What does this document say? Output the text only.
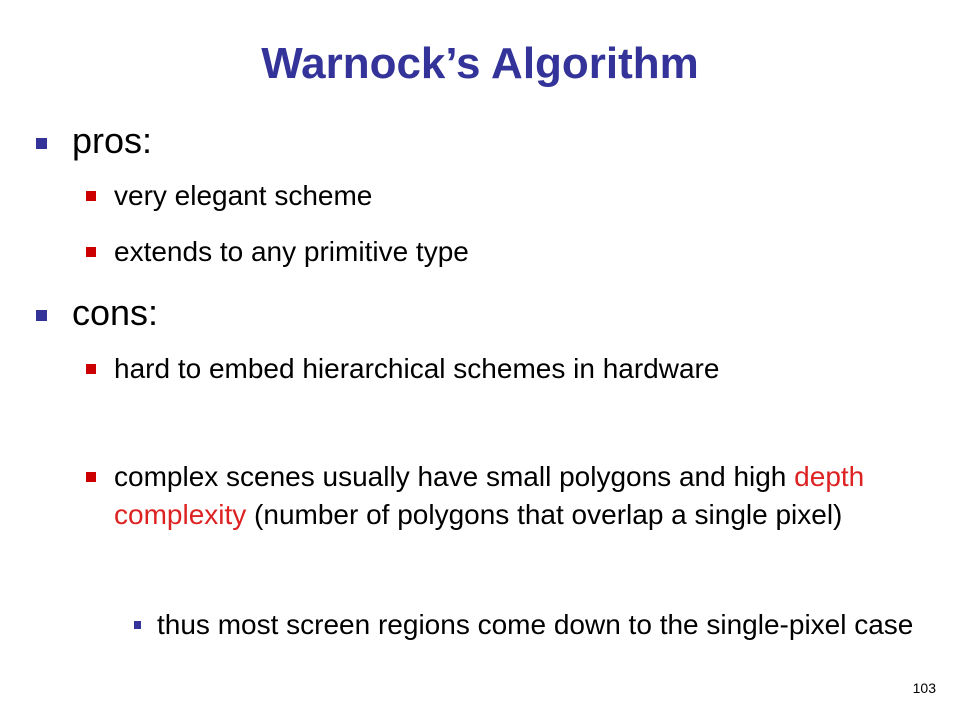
Warnock’s Algorithm
pros:
very elegant scheme
extends to any primitive type
cons:
hard to embed hierarchical schemes in hardware
complex scenes usually have small polygons and high depth complexity (number of polygons that overlap a single pixel)
thus most screen regions come down to the single-pixel case
103
